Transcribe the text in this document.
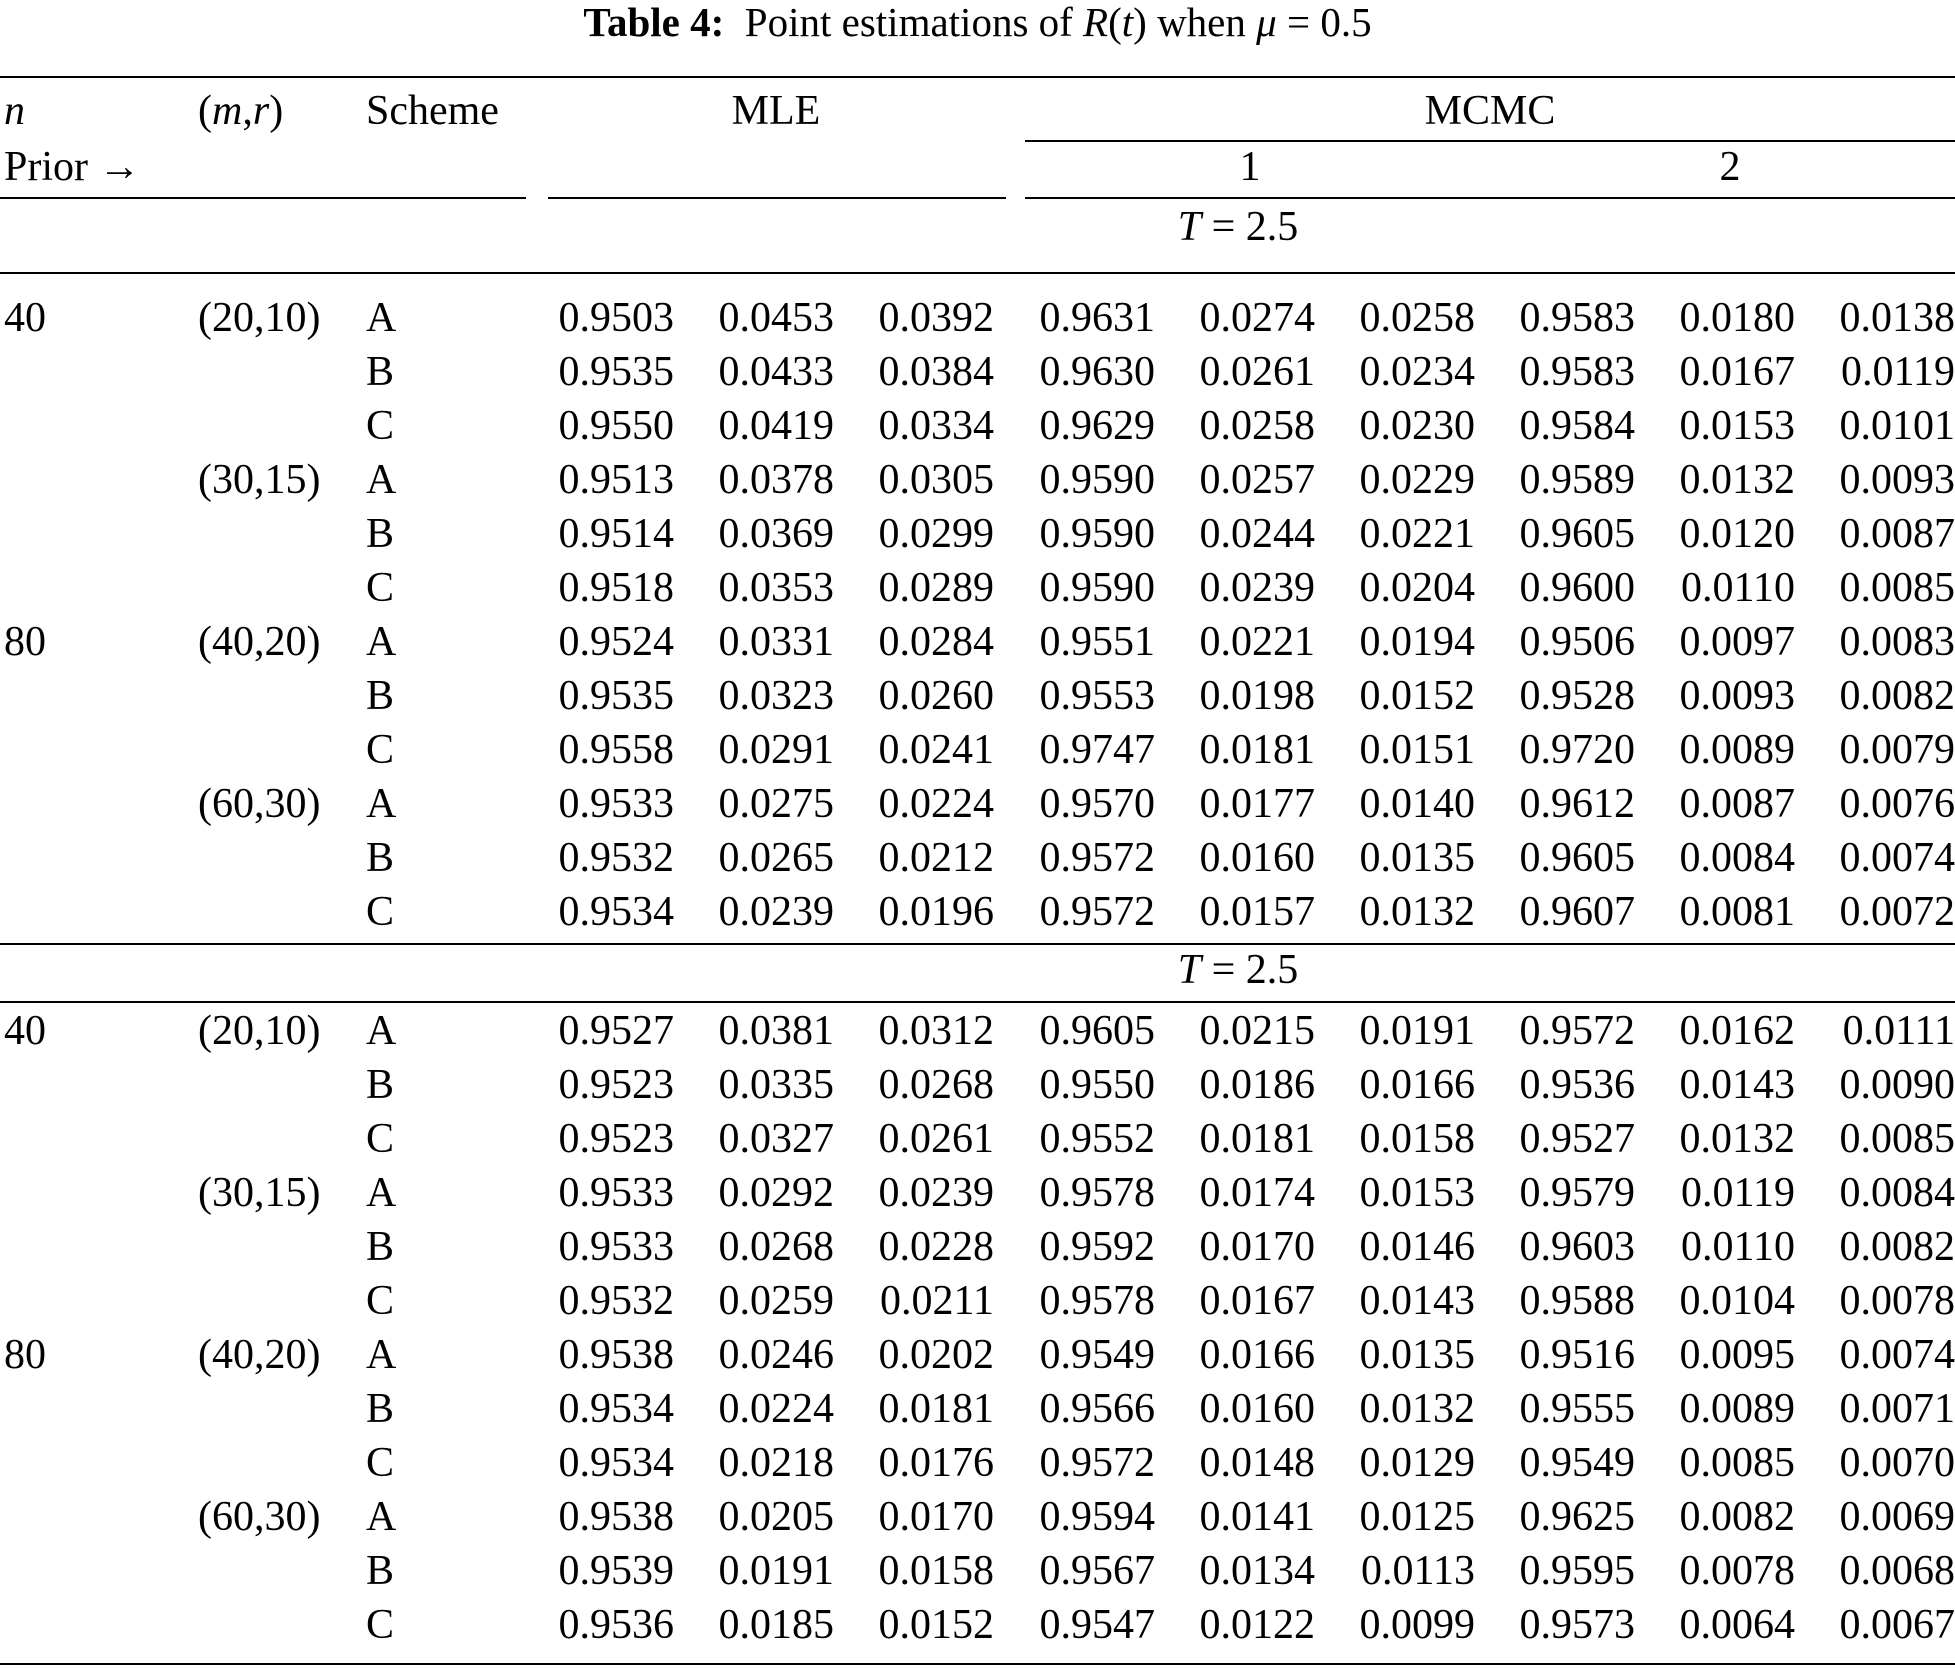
Table 4: Point estimations of R(t) when μ = 0.5
n
Prior →
(m,r) Scheme	MLE	MCMC
1	2
T = 2.5
40	(20,10) A	0.9503 0.0453 0.0392 0.9631 0.0274 0.0258 0.9583 0.0180 0.0138
B	0.9535 0.0433 0.0384 0.9630 0.0261 0.0234 0.9583 0.0167	0.0119
C	0.9550 0.0419 0.0334 0.9629 0.0258 0.0230 0.9584 0.0153 0.0101
(30,15) A	0.9513 0.0378 0.0305 0.9590 0.0257 0.0229 0.9589 0.0132 0.0093
B	0.9514 0.0369 0.0299 0.9590 0.0244 0.0221 0.9605 0.0120 0.0087
C	0.9518 0.0353 0.0289 0.9590 0.0239 0.0204 0.9600	0.0110 0.0085
80	(40,20) A	0.9524 0.0331 0.0284 0.9551 0.0221 0.0194 0.9506 0.0097 0.0083
B	0.9535 0.0323 0.0260 0.9553 0.0198 0.0152 0.9528 0.0093 0.0082
C	0.9558 0.0291 0.0241 0.9747 0.0181 0.0151 0.9720 0.0089 0.0079
(60,30) A	0.9533 0.0275 0.0224 0.9570 0.0177 0.0140 0.9612 0.0087 0.0076
B	0.9532 0.0265 0.0212 0.9572 0.0160 0.0135 0.9605 0.0084 0.0074
C	0.9534 0.0239 0.0196 0.9572 0.0157 0.0132 0.9607 0.0081 0.0072
T = 2.5
40	(20,10) A	0.9527 0.0381 0.0312 0.9605 0.0215 0.0191 0.9572 0.0162	0.0111
B	0.9523 0.0335 0.0268 0.9550 0.0186 0.0166 0.9536 0.0143 0.0090
C	0.9523 0.0327 0.0261 0.9552 0.0181 0.0158 0.9527 0.0132 0.0085
(30,15) A	0.9533 0.0292 0.0239 0.9578 0.0174 0.0153 0.9579	0.0119 0.0084
B	0.9533 0.0268 0.0228 0.9592 0.0170 0.0146 0.9603	0.0110 0.0082
C	0.9532 0.0259	0.0211 0.9578 0.0167 0.0143 0.9588 0.0104 0.0078
80	(40,20) A	0.9538 0.0246 0.0202 0.9549 0.0166 0.0135 0.9516 0.0095 0.0074
B	0.9534 0.0224 0.0181 0.9566 0.0160 0.0132 0.9555 0.0089 0.0071
C	0.9534 0.0218 0.0176 0.9572 0.0148 0.0129 0.9549 0.0085 0.0070
(60,30) A	0.9538 0.0205 0.0170 0.9594 0.0141 0.0125 0.9625 0.0082 0.0069
B	0.9539 0.0191 0.0158 0.9567 0.0134	0.0113 0.9595 0.0078 0.0068
C	0.9536 0.0185 0.0152 0.9547 0.0122 0.0099 0.9573 0.0064 0.0067
